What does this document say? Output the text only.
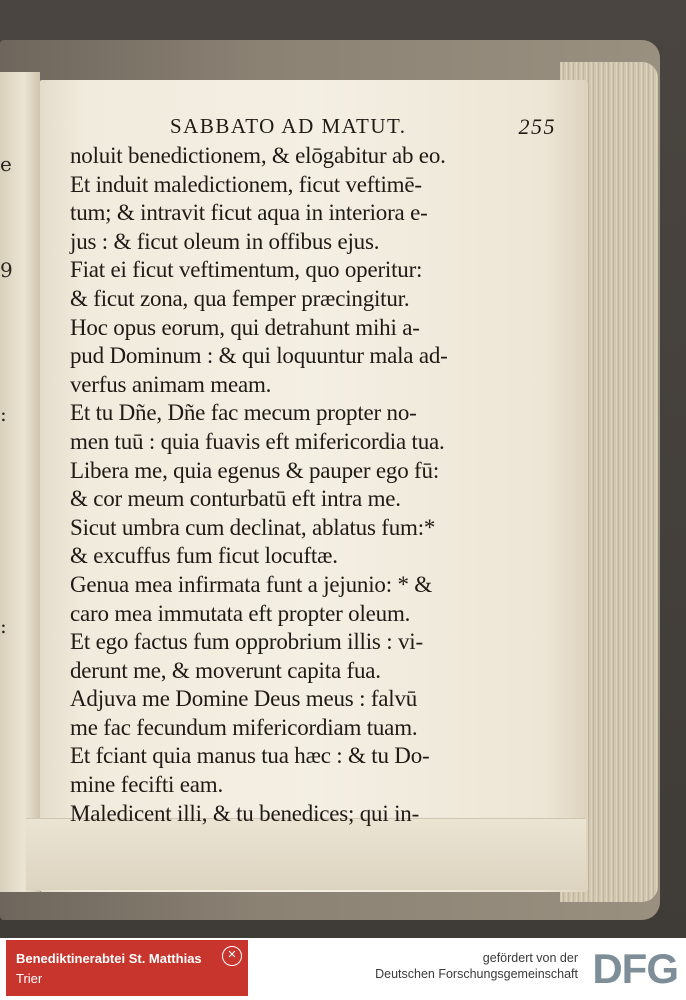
e
9
:
:
SABBATO AD MATUT.	255
noluit benedictionem, & elōgabitur ab eo.
Et induit maledictionem, ficut veftimē-
tum; & intravit ficut aqua in interiora e-
jus : & ficut oleum in offibus ejus.
Fiat ei ficut veftimentum, quo operitur:
& ficut zona, qua femper præcingitur.
Hoc opus eorum, qui detrahunt mihi a-
pud Dominum : & qui loquuntur mala ad-
verfus animam meam.
Et tu Dñe, Dñe fac mecum propter no-
men tuū : quia fuavis eft mifericordia tua.
Libera me, quia egenus & pauper ego fū:
& cor meum conturbatū eft intra me.
Sicut umbra cum declinat, ablatus fum:*
& excuffus fum ficut locuftæ.
Genua mea infirmata funt a jejunio: * &
caro mea immutata eft propter oleum.
Et ego factus fum opprobrium illis : vi-
derunt me, & moverunt capita fua.
Adjuva me Domine Deus meus : falvū
me fac fecundum mifericordiam tuam.
Et fciant quia manus tua hæc : & tu Do-
mine fecifti eam.
Maledicent illi, & tu benedices; qui in-
Benediktinerabtei St. Matthias
Trier
✕	gefördert von der
Deutschen Forschungsgemeinschaft DFG
